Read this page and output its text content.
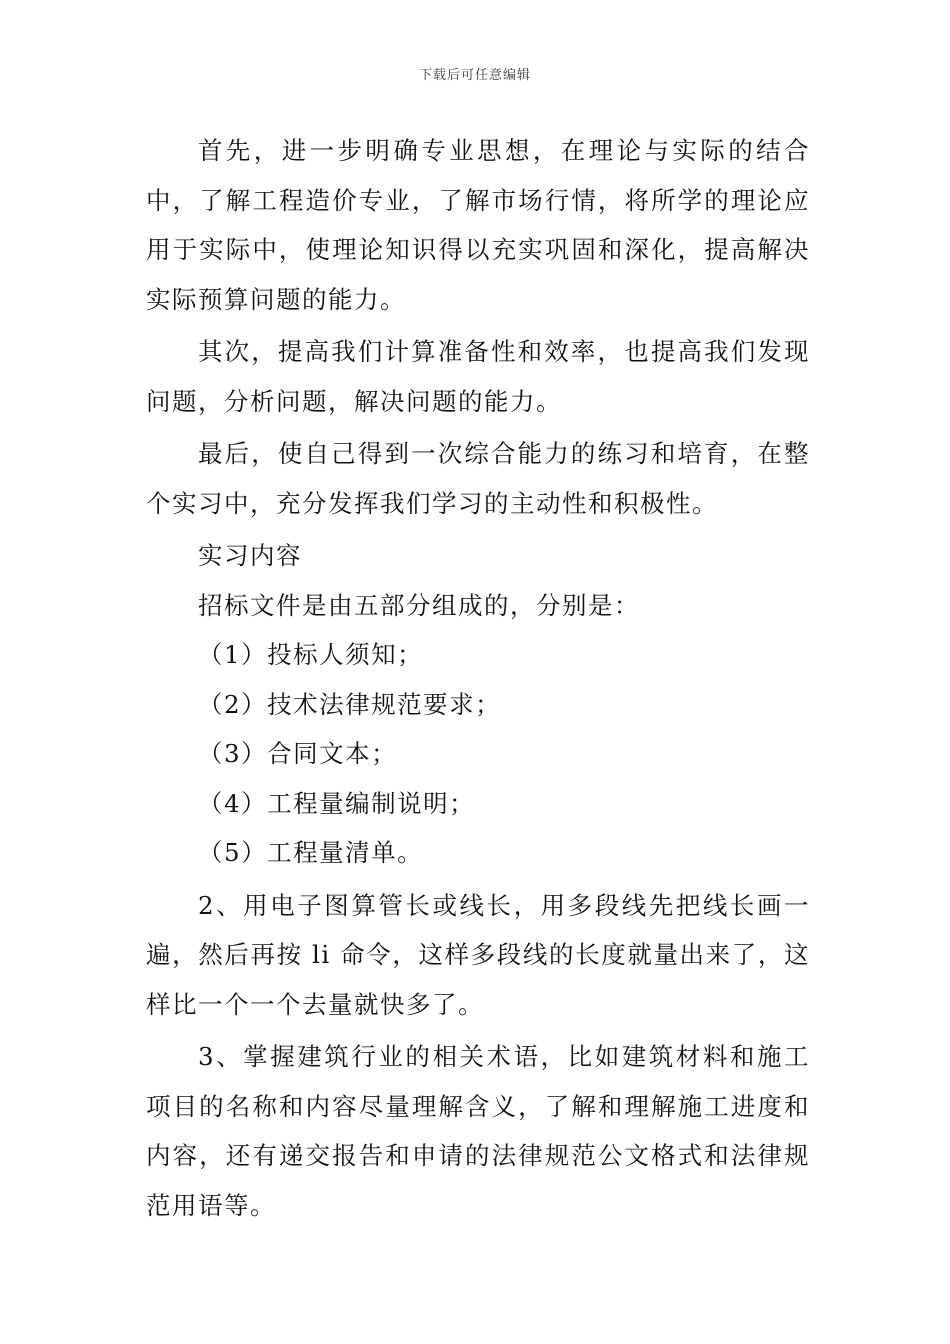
下载后可任意编辑

首先，进一步明确专业思想，在理论与实际的结合中，了解工程造价专业，了解市场行情，将所学的理论应用于实际中，使理论知识得以充实巩固和深化，提高解决实际预算问题的能力。

其次，提高我们计算准备性和效率，也提高我们发现问题，分析问题，解决问题的能力。

最后，使自己得到一次综合能力的练习和培育，在整个实习中，充分发挥我们学习的主动性和积极性。

实习内容

招标文件是由五部分组成的，分别是：

（1）投标人须知；

（2）技术法律规范要求；

（3）合同文本；

（4）工程量编制说明；

（5）工程量清单。

2、用电子图算管长或线长，用多段线先把线长画一遍，然后再按 li 命令，这样多段线的长度就量出来了，这样比一个一个去量就快多了。

3、掌握建筑行业的相关术语，比如建筑材料和施工项目的名称和内容尽量理解含义，了解和理解施工进度和内容，还有递交报告和申请的法律规范公文格式和法律规范用语等。
